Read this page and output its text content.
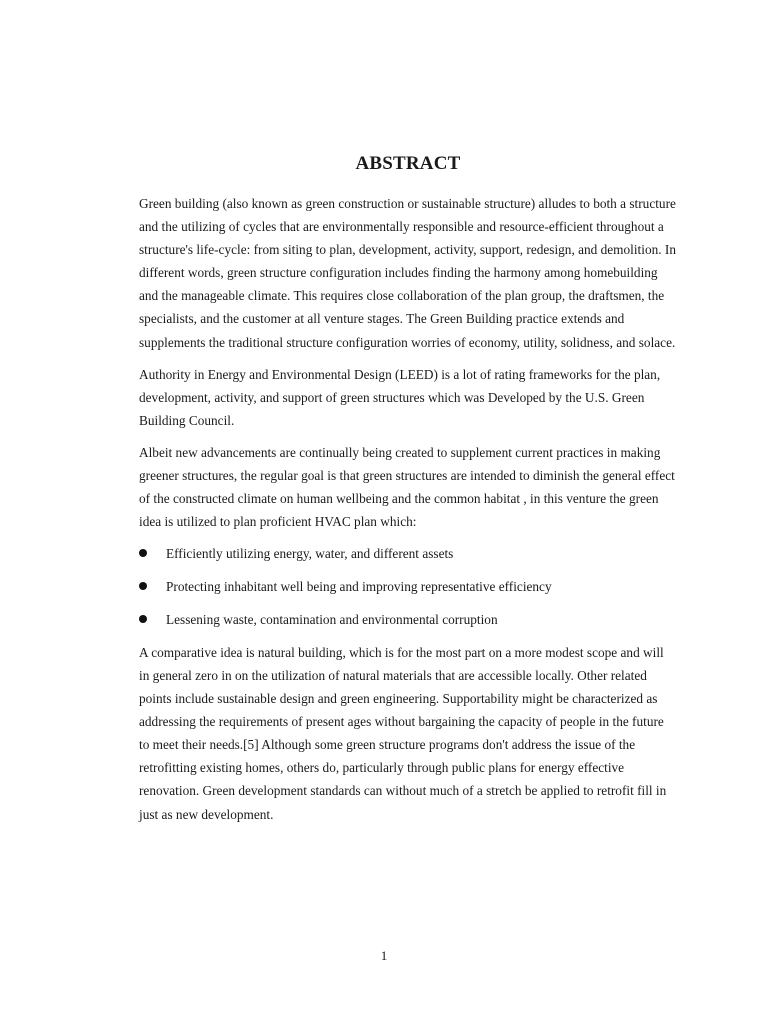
ABSTRACT

Green building (also known as green construction or sustainable structure) alludes to both a structure and the utilizing of cycles that are environmentally responsible and resource-efficient throughout a structure's life-cycle: from siting to plan, development, activity, support, redesign, and demolition. In different words, green structure configuration includes finding the harmony among homebuilding and the manageable climate. This requires close collaboration of the plan group, the draftsmen, the specialists, and the customer at all venture stages. The Green Building practice extends and supplements the traditional structure configuration worries of economy, utility, solidness, and solace.

Authority in Energy and Environmental Design (LEED) is a lot of rating frameworks for the plan, development, activity, and support of green structures which was Developed by the U.S. Green Building Council.

Albeit new advancements are continually being created to supplement current practices in making greener structures, the regular goal is that green structures are intended to diminish the general effect of the constructed climate on human wellbeing and the common habitat , in this venture the green idea is utilized to plan proficient HVAC plan which:

Efficiently utilizing energy, water, and different assets
Protecting inhabitant well being and improving representative efficiency
Lessening waste, contamination and environmental corruption

A comparative idea is natural building, which is for the most part on a more modest scope and will in general zero in on the utilization of natural materials that are accessible locally. Other related points include sustainable design and green engineering. Supportability might be characterized as addressing the requirements of present ages without bargaining the capacity of people in the future to meet their needs.[5] Although some green structure programs don't address the issue of the retrofitting existing homes, others do, particularly through public plans for energy effective renovation. Green development standards can without much of a stretch be applied to retrofit fill in just as new development.

1
